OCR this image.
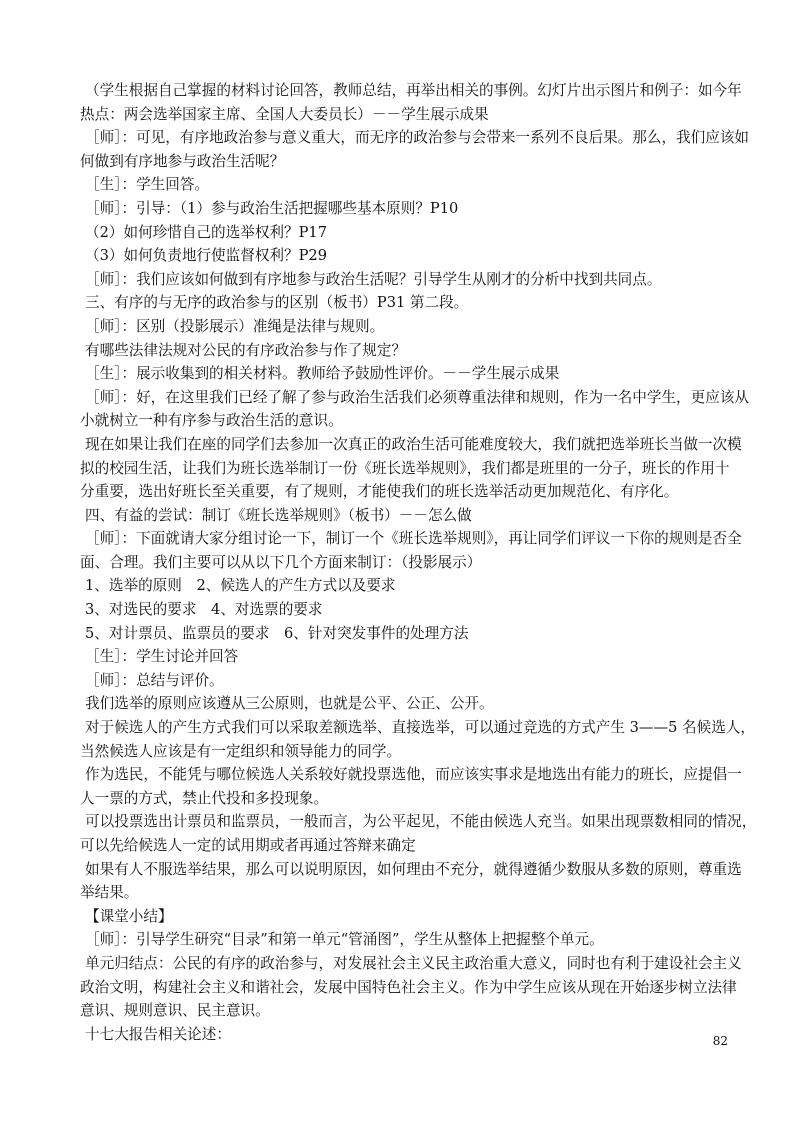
（学生根据自己掌握的材料讨论回答，教师总结，再举出相关的事例。幻灯片出示图片和例子：如今年
热点：两会选举国家主席、全国人大委员长）－－学生展示成果
［师］：可见，有序地政治参与意义重大，而无序的政治参与会带来一系列不良后果。那么，我们应该如
何做到有序地参与政治生活呢？
［生］：学生回答。
［师］：引导：（1）参与政治生活把握哪些基本原则？P10
（2）如何珍惜自己的选举权利？P17
（3）如何负责地行使监督权利？P29
［师］：我们应该如何做到有序地参与政治生活呢？引导学生从刚才的分析中找到共同点。
三、有序的与无序的政治参与的区别（板书）P31 第二段。
［师］：区别（投影展示）准绳是法律与规则。
有哪些法律法规对公民的有序政治参与作了规定？
［生］：展示收集到的相关材料。教师给予鼓励性评价。－－学生展示成果
［师］：好，在这里我们已经了解了参与政治生活我们必须尊重法律和规则，作为一名中学生，更应该从
小就树立一种有序参与政治生活的意识。
现在如果让我们在座的同学们去参加一次真正的政治生活可能难度较大，我们就把选举班长当做一次模
拟的校园生活，让我们为班长选举制订一份《班长选举规则》，我们都是班里的一分子，班长的作用十
分重要，选出好班长至关重要，有了规则，才能使我们的班长选举活动更加规范化、有序化。
四、有益的尝试：制订《班长选举规则》（板书）－－怎么做
［师］：下面就请大家分组讨论一下，制订一个《班长选举规则》，再让同学们评议一下你的规则是否全
面、合理。我们主要可以从以下几个方面来制订：（投影展示）
1、选举的原则　2、候选人的产生方式以及要求
3、对选民的要求　4、对选票的要求
5、对计票员、监票员的要求　6、针对突发事件的处理方法
［生］：学生讨论并回答
［师］：总结与评价。
我们选举的原则应该遵从三公原则，也就是公平、公正、公开。
对于候选人的产生方式我们可以采取差额选举、直接选举，可以通过竞选的方式产生 3——5 名候选人，
当然候选人应该是有一定组织和领导能力的同学。
作为选民，不能凭与哪位候选人关系较好就投票选他，而应该实事求是地选出有能力的班长，应提倡一
人一票的方式，禁止代投和多投现象。
可以投票选出计票员和监票员，一般而言，为公平起见，不能由候选人充当。如果出现票数相同的情况，
可以先给候选人一定的试用期或者再通过答辩来确定
如果有人不服选举结果，那么可以说明原因，如何理由不充分，就得遵循少数服从多数的原则，尊重选
举结果。
【课堂小结】
［师］：引导学生研究“目录”和第一单元“管涌图”，学生从整体上把握整个单元。
单元归结点：公民的有序的政治参与，对发展社会主义民主政治重大意义，同时也有利于建设社会主义
政治文明，构建社会主义和谐社会，发展中国特色社会主义。作为中学生应该从现在开始逐步树立法律
意识、规则意识、民主意识。
十七大报告相关论述：	82
